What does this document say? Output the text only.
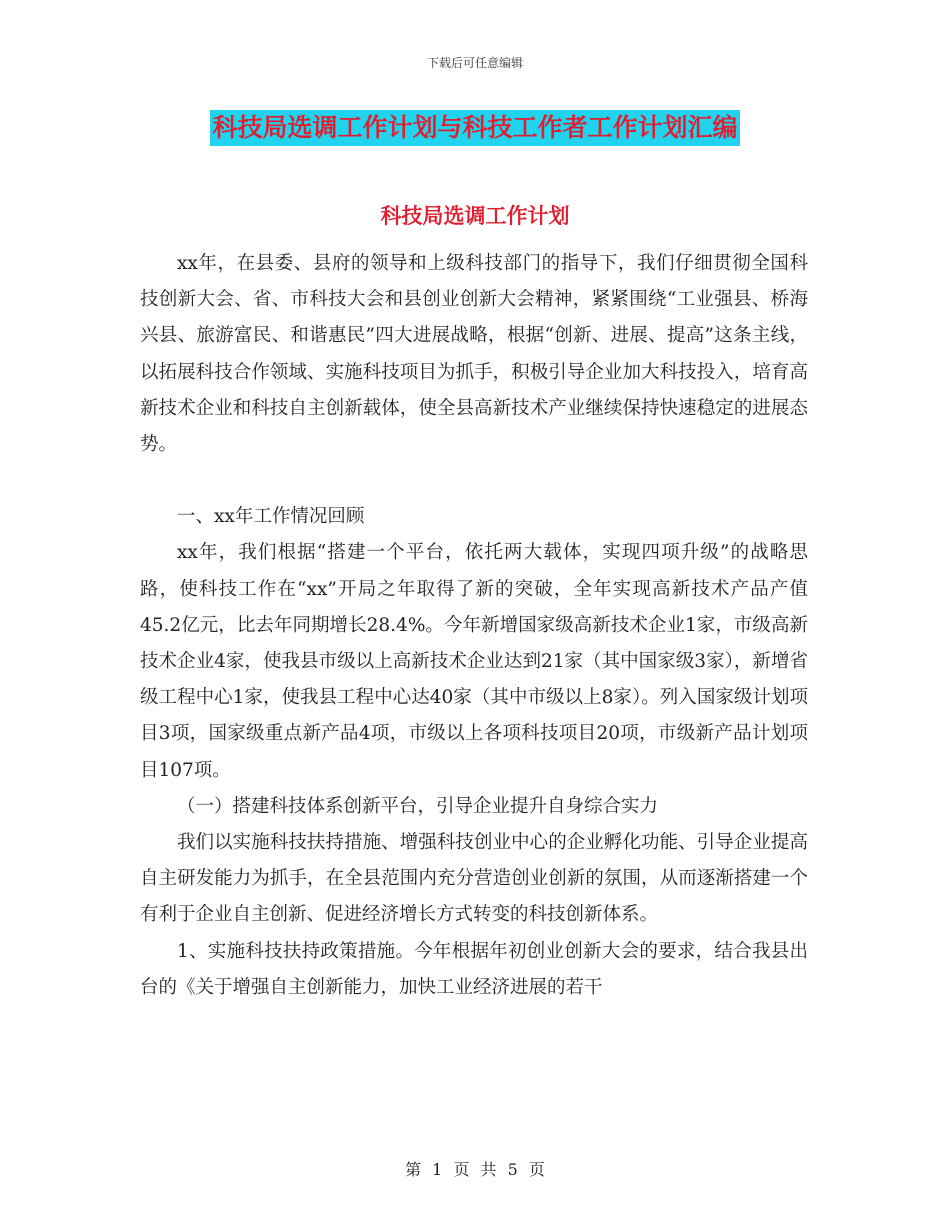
下载后可任意编辑
科技局选调工作计划与科技工作者工作计划汇编
科技局选调工作计划

xx年，在县委、县府的领导和上级科技部门的指导下，我们仔细贯彻全国科技创新大会、省、市科技大会和县创业创新大会精神，紧紧围绕“工业强县、桥海兴县、旅游富民、和谐惠民”四大进展战略，根据“创新、进展、提高”这条主线，以拓展科技合作领域、实施科技项目为抓手，积极引导企业加大科技投入，培育高新技术企业和科技自主创新载体，使全县高新技术产业继续保持快速稳定的进展态势。

一、xx年工作情况回顾

xx年，我们根据“搭建一个平台，依托两大载体，实现四项升级”的战略思路，使科技工作在“xx”开局之年取得了新的突破，全年实现高新技术产品产值45.2亿元，比去年同期增长28.4%。今年新增国家级高新技术企业1家，市级高新技术企业4家，使我县市级以上高新技术企业达到21家（其中国家级3家），新增省级工程中心1家，使我县工程中心达40家（其中市级以上8家）。列入国家级计划项目3项，国家级重点新产品4项，市级以上各项科技项目20项，市级新产品计划项目107项。

（一）搭建科技体系创新平台，引导企业提升自身综合实力

我们以实施科技扶持措施、增强科技创业中心的企业孵化功能、引导企业提高自主研发能力为抓手，在全县范围内充分营造创业创新的氛围，从而逐渐搭建一个有利于企业自主创新、促进经济增长方式转变的科技创新体系。

1、实施科技扶持政策措施。今年根据年初创业创新大会的要求，结合我县出台的《关于增强自主创新能力，加快工业经济进展的若干

第 1 页 共 5 页
